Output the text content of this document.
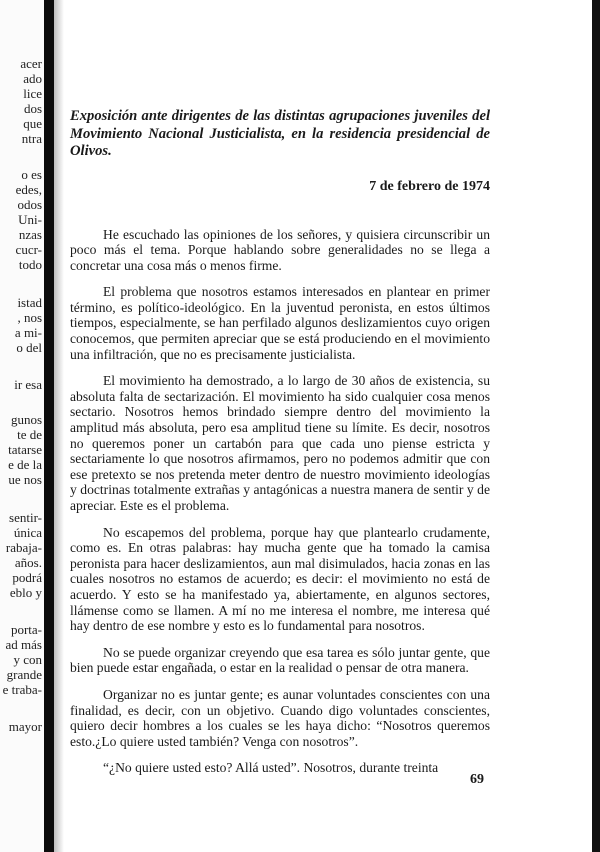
acer
ado
lice
dos
que
ntra
o es
edes,
odos
Uni-
nzas
cucr-
todo
istad
, nos
a mi-
o del
ir esa
gunos
te de
tatarse
e de la
ue nos
sentir-
única
rabaja-
años.
podrá
eblo y
porta-
ad más
y con
grande
e traba-
mayor

Exposición ante dirigentes de las distintas agrupaciones juveniles del Movimiento Nacional Justicialista, en la residencia presidencial de Olivos.

7 de febrero de 1974

He escuchado las opiniones de los señores, y quisiera circunscribir un poco más el tema. Porque hablando sobre generalidades no se llega a concretar una cosa más o menos firme.

El problema que nosotros estamos interesados en plantear en primer término, es político-ideológico. En la juventud peronista, en estos últimos tiempos, especialmente, se han perfilado algunos deslizamientos cuyo origen conocemos, que permiten apreciar que se está produciendo en el movimiento una infiltración, que no es precisamente justicialista.

El movimiento ha demostrado, a lo largo de 30 años de existencia, su absoluta falta de sectarización. El movimiento ha sido cualquier cosa menos sectario. Nosotros hemos brindado siempre dentro del movimiento la amplitud más absoluta, pero esa amplitud tiene su límite. Es decir, nosotros no queremos poner un cartabón para que cada uno piense estricta y sectariamente lo que nosotros afirmamos, pero no podemos admitir que con ese pretexto se nos pretenda meter dentro de nuestro movimiento ideologías y doctrinas totalmente extrañas y antagónicas a nuestra manera de sentir y de apreciar. Este es el problema.

No escapemos del problema, porque hay que plantearlo crudamente, como es. En otras palabras: hay mucha gente que ha tomado la camisa peronista para hacer deslizamientos, aun mal disimulados, hacia zonas en las cuales nosotros no estamos de acuerdo; es decir: el movimiento no está de acuerdo. Y esto se ha manifestado ya, abiertamente, en algunos sectores, llámense como se llamen. A mí no me interesa el nombre, me interesa qué hay dentro de ese nombre y esto es lo fundamental para nosotros.

No se puede organizar creyendo que esa tarea es sólo juntar gente, que bien puede estar engañada, o estar en la realidad o pensar de otra manera.

Organizar no es juntar gente; es aunar voluntades conscientes con una finalidad, es decir, con un objetivo. Cuando digo voluntades conscientes, quiero decir hombres a los cuales se les haya dicho: “Nosotros queremos esto.¿Lo quiere usted también? Venga con nosotros”.

“¿No quiere usted esto? Allá usted”. Nosotros, durante treinta

69
